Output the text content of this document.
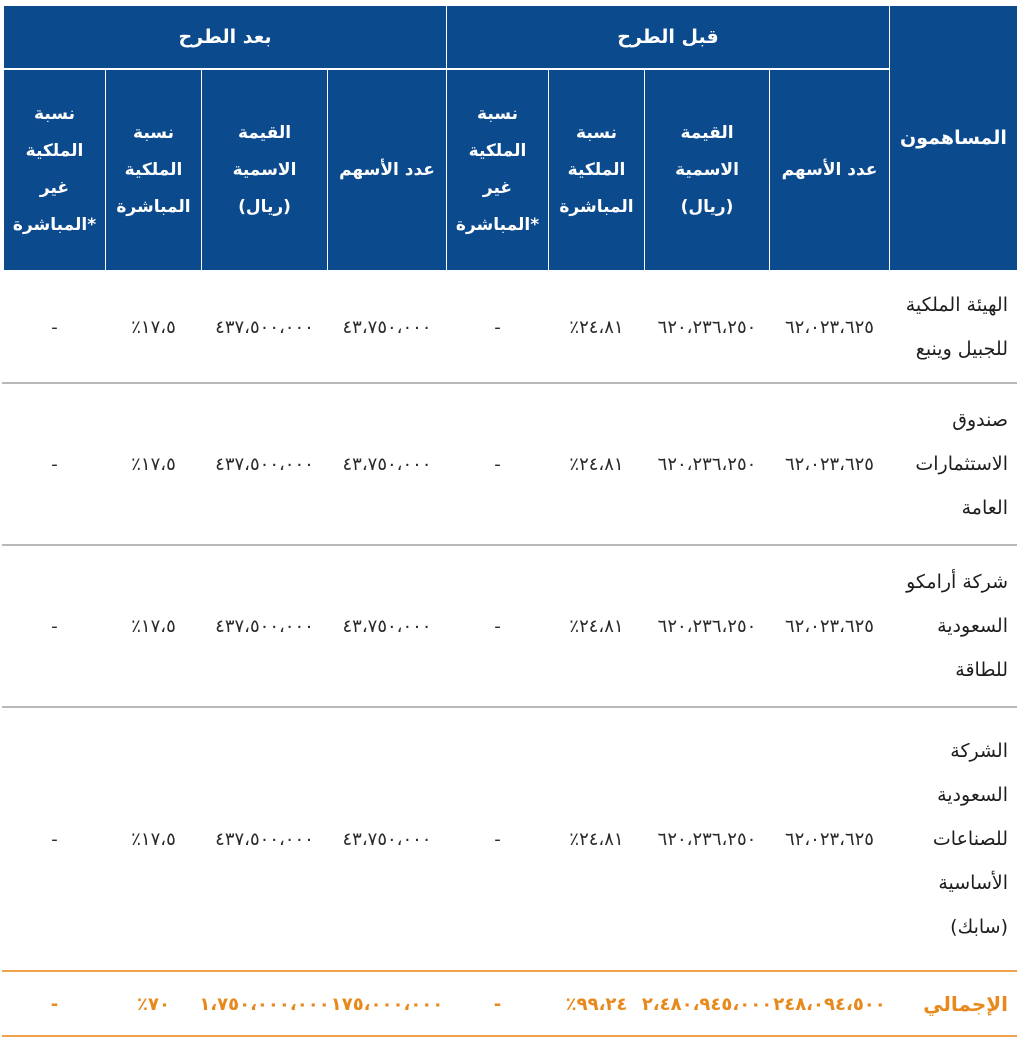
المساهمون
قبل الطرح
بعد الطرح
عدد الأسهم
القيمة الاسمية (ريال)
نسبة الملكية المباشرة
نسبة الملكية غير المباشرة*
عدد الأسهم
القيمة الاسمية (ريال)
نسبة الملكية المباشرة
نسبة الملكية غير المباشرة*
الهيئة الملكية للجبيل وينبع
٦٢،٠٢٣،٦٢٥
٦٢٠،٢٣٦،٢٥٠
٪٢٤،٨١
-
٤٣،٧٥٠،٠٠٠
٤٣٧،٥٠٠،٠٠٠
٪١٧،٥
-
صندوق الاستثمارات العامة
٦٢،٠٢٣،٦٢٥
٦٢٠،٢٣٦،٢٥٠
٪٢٤،٨١
-
٤٣،٧٥٠،٠٠٠
٤٣٧،٥٠٠،٠٠٠
٪١٧،٥
-
شركة أرامكو السعودية للطاقة
٦٢،٠٢٣،٦٢٥
٦٢٠،٢٣٦،٢٥٠
٪٢٤،٨١
-
٤٣،٧٥٠،٠٠٠
٤٣٧،٥٠٠،٠٠٠
٪١٧،٥
-
الشركة السعودية للصناعات الأساسية (سابك)
٦٢،٠٢٣،٦٢٥
٦٢٠،٢٣٦،٢٥٠
٪٢٤،٨١
-
٤٣،٧٥٠،٠٠٠
٤٣٧،٥٠٠،٠٠٠
٪١٧،٥
-
الإجمالي
٢٤٨،٠٩٤،٥٠٠
٢،٤٨٠،٩٤٥،٠٠٠
٪٩٩،٢٤
-
١٧٥،٠٠٠،٠٠٠
١،٧٥٠،٠٠٠،٠٠٠
٪٧٠
-
